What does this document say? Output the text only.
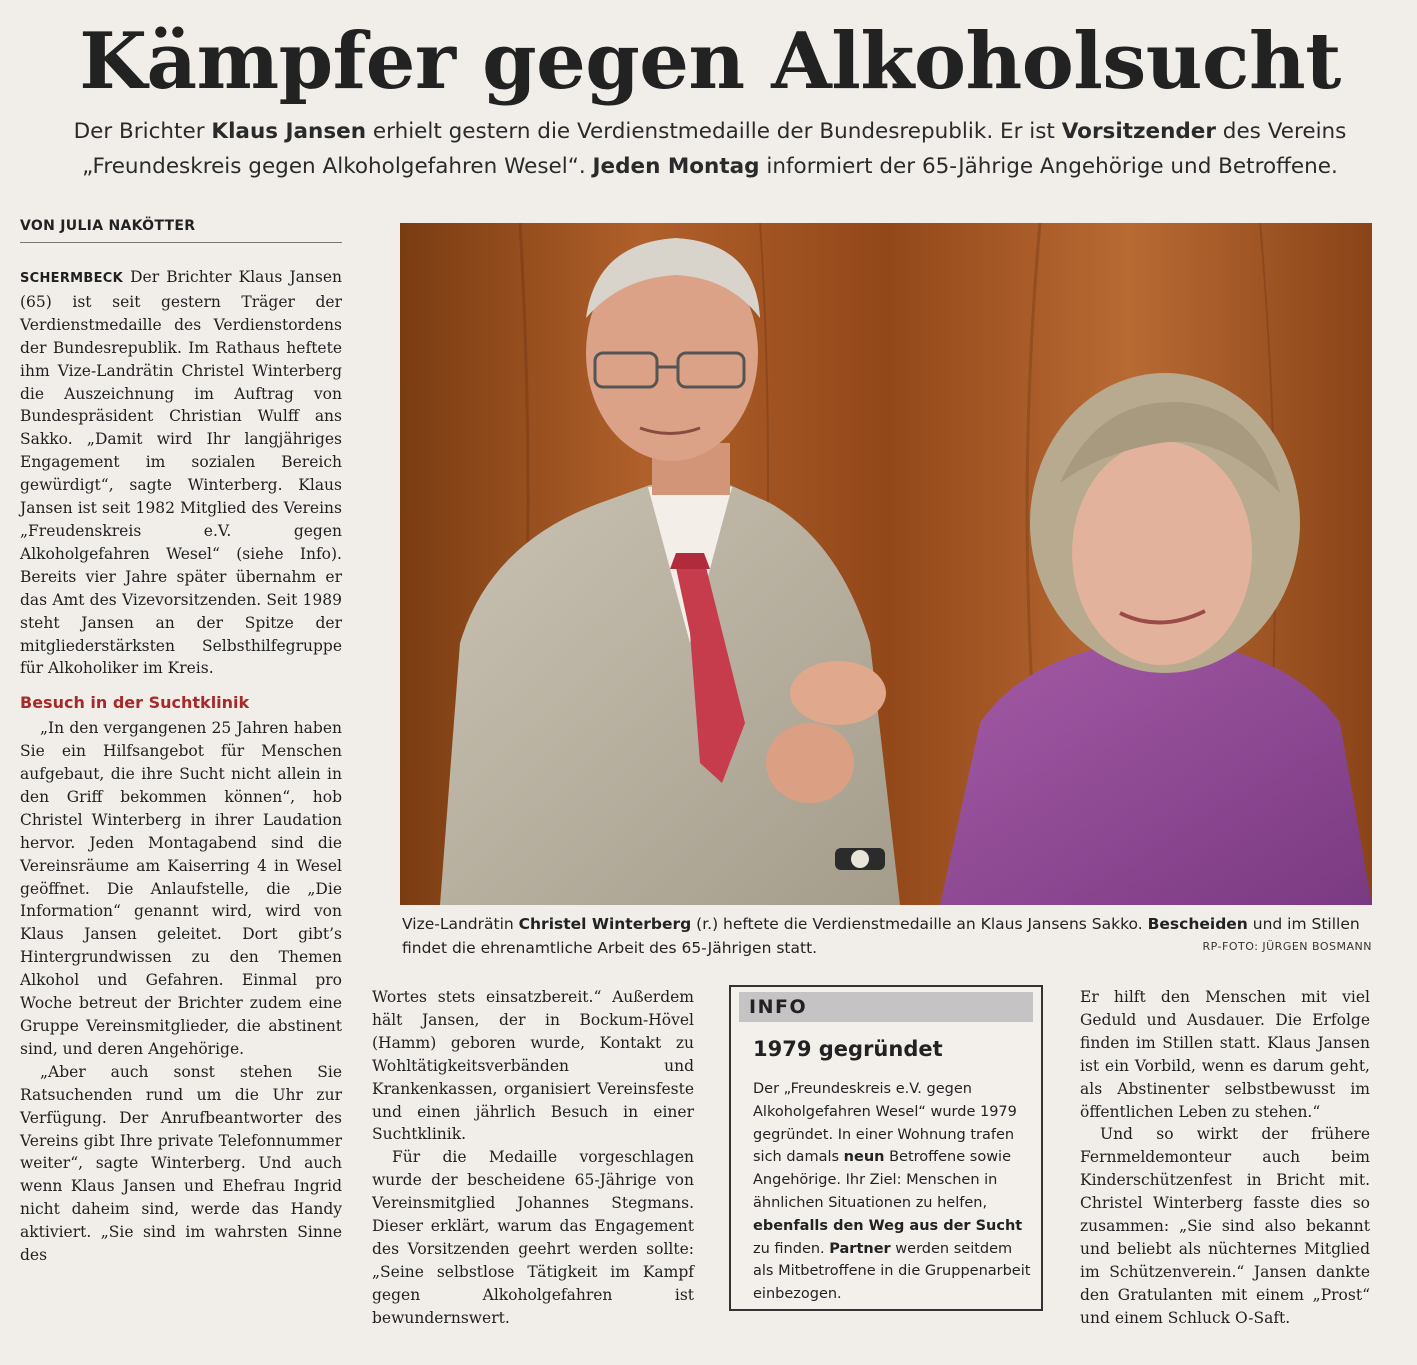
Kämpfer gegen Alkoholsucht

Der Brichter Klaus Jansen erhielt gestern die Verdienstmedaille der Bundesrepublik. Er ist Vorsitzender des Vereins „Freundeskreis gegen Alkoholgefahren Wesel“. Jeden Montag informiert der 65-Jährige Angehörige und Betroffene.

VON JULIA NAKÖTTER

SCHERMBECK Der Brichter Klaus Jansen (65) ist seit gestern Träger der Verdienstmedaille des Verdienstordens der Bundesrepublik. Im Rathaus heftete ihm Vize-Landrätin Christel Winterberg die Auszeichnung im Auftrag von Bundespräsident Christian Wulff ans Sakko. „Damit wird Ihr langjähriges Engagement im sozialen Bereich gewürdigt“, sagte Winterberg. Klaus Jansen ist seit 1982 Mitglied des Vereins „Freudenskreis e.V. gegen Alkoholgefahren Wesel“ (siehe Info). Bereits vier Jahre später übernahm er das Amt des Vizevorsitzenden. Seit 1989 steht Jansen an der Spitze der mitgliederstärksten Selbsthilfegruppe für Alkoholiker im Kreis.

Besuch in der Suchtklinik

„In den vergangenen 25 Jahren haben Sie ein Hilfsangebot für Menschen aufgebaut, die ihre Sucht nicht allein in den Griff bekommen können“, hob Christel Winterberg in ihrer Laudation hervor. Jeden Montagabend sind die Vereinsräume am Kaiserring 4 in Wesel geöffnet. Die Anlaufstelle, die „Die Information“ genannt wird, wird von Klaus Jansen geleitet. Dort gibt’s Hintergrundwissen zu den Themen Alkohol und Gefahren. Einmal pro Woche betreut der Brichter zudem eine Gruppe Vereinsmitglieder, die abstinent sind, und deren Angehörige.

„Aber auch sonst stehen Sie Ratsuchenden rund um die Uhr zur Verfügung. Der Anrufbeantworter des Vereins gibt Ihre private Telefonnummer weiter“, sagte Winterberg. Und auch wenn Klaus Jansen und Ehefrau Ingrid nicht daheim sind, werde das Handy aktiviert. „Sie sind im wahrsten Sinne des

Vize-Landrätin Christel Winterberg (r.) heftete die Verdienstmedaille an Klaus Jansens Sakko. Bescheiden und im Stillen findet die ehrenamtliche Arbeit des 65-Jährigen statt.	RP-FOTO: JÜRGEN BOSMANN

Wortes stets einsatzbereit.“ Außerdem hält Jansen, der in Bockum-Hövel (Hamm) geboren wurde, Kontakt zu Wohltätigkeitsverbänden und Krankenkassen, organisiert Vereinsfeste und einen jährlich Besuch in einer Suchtklinik.

Für die Medaille vorgeschlagen wurde der bescheidene 65-Jährige von Vereinsmitglied Johannes Stegmans. Dieser erklärt, warum das Engagement des Vorsitzenden geehrt werden sollte: „Seine selbstlose Tätigkeit im Kampf gegen Alkoholgefahren ist bewundernswert.

INFO
1979 gegründet

Der „Freundeskreis e.V. gegen Alkoholgefahren Wesel“ wurde 1979 gegründet. In einer Wohnung trafen sich damals neun Betroffene sowie Angehörige. Ihr Ziel: Menschen in ähnlichen Situationen zu helfen, ebenfalls den Weg aus der Sucht zu finden. Partner werden seitdem als Mitbetroffene in die Gruppenarbeit einbezogen.

Er hilft den Menschen mit viel Geduld und Ausdauer. Die Erfolge finden im Stillen statt. Klaus Jansen ist ein Vorbild, wenn es darum geht, als Abstinenter selbstbewusst im öffentlichen Leben zu stehen.“

Und so wirkt der frühere Fernmeldemonteur auch beim Kinderschützenfest in Bricht mit. Christel Winterberg fasste dies so zusammen: „Sie sind also bekannt und beliebt als nüchternes Mitglied im Schützenverein.“ Jansen dankte den Gratulanten mit einem „Prost“ und einem Schluck O-Saft.
